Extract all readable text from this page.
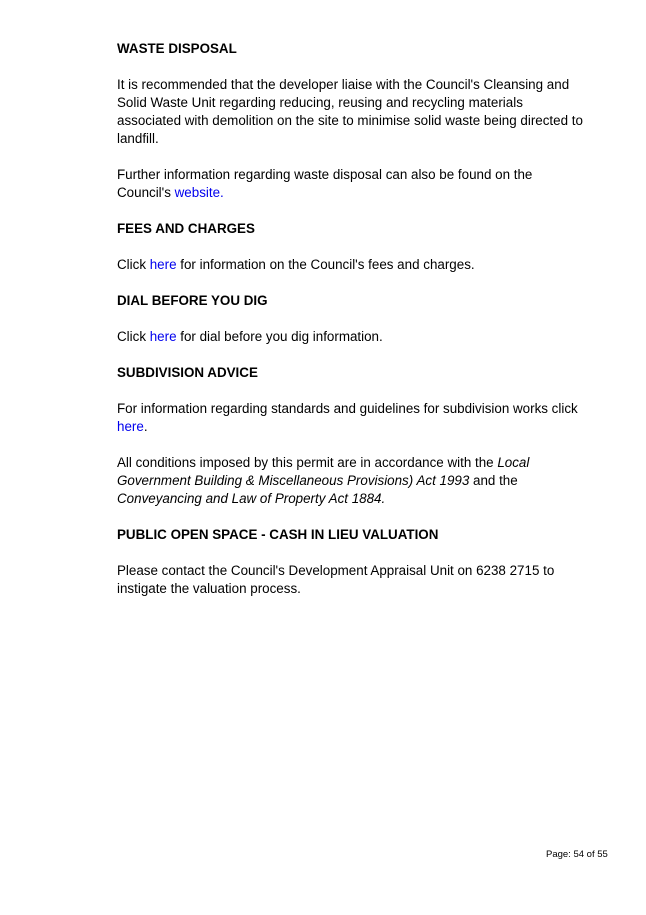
WASTE DISPOSAL
It is recommended that the developer liaise with the Council's Cleansing and Solid Waste Unit regarding reducing, reusing and recycling materials associated with demolition on the site to minimise solid waste being directed to landfill.
Further information regarding waste disposal can also be found on the Council's website.
FEES AND CHARGES
Click here for information on the Council's fees and charges.
DIAL BEFORE YOU DIG
Click here for dial before you dig information.
SUBDIVISION ADVICE
For information regarding standards and guidelines for subdivision works click here.
All conditions imposed by this permit are in accordance with the Local Government Building & Miscellaneous Provisions) Act 1993 and the Conveyancing and Law of Property Act 1884.
PUBLIC OPEN SPACE - CASH IN LIEU VALUATION
Please contact the Council's Development Appraisal Unit on 6238 2715 to instigate the valuation process.
Page: 54 of 55
